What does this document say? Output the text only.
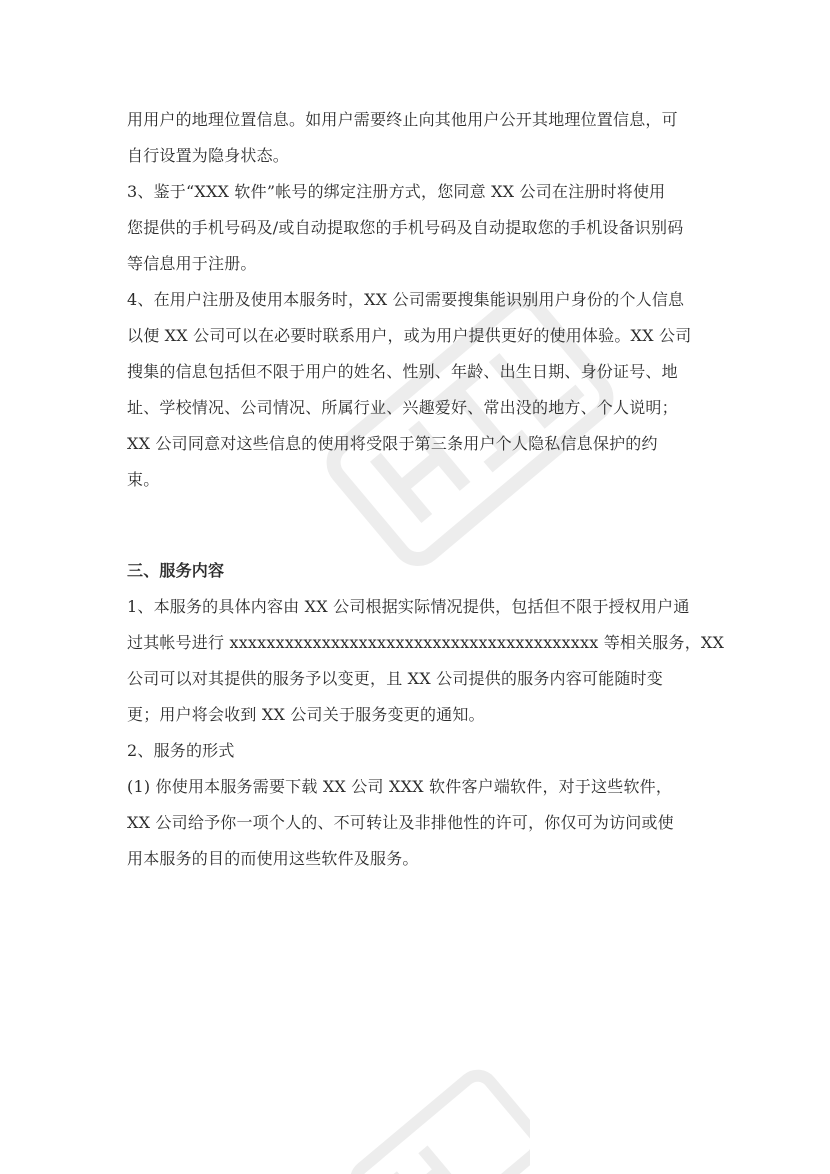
用用户的地理位置信息。如用户需要终止向其他用户公开其地理位置信息，可
自行设置为隐身状态。
3、鉴于“XXX 软件”帐号的绑定注册方式，您同意 XX 公司在注册时将使用
您提供的手机号码及/或自动提取您的手机号码及自动提取您的手机设备识别码
等信息用于注册。
4、在用户注册及使用本服务时，XX 公司需要搜集能识别用户身份的个人信息
以便 XX 公司可以在必要时联系用户，或为用户提供更好的使用体验。XX 公司
搜集的信息包括但不限于用户的姓名、性别、年龄、出生日期、身份证号、地
址、学校情况、公司情况、所属行业、兴趣爱好、常出没的地方、个人说明；
XX 公司同意对这些信息的使用将受限于第三条用户个人隐私信息保护的约
束。
三、服务内容
1、本服务的具体内容由 XX 公司根据实际情况提供，包括但不限于授权用户通
过其帐号进行 xxxxxxxxxxxxxxxxxxxxxxxxxxxxxxxxxxxxxxxx 等相关服务，XX
公司可以对其提供的服务予以变更，且 XX 公司提供的服务内容可能随时变
更；用户将会收到 XX 公司关于服务变更的通知。
2、服务的形式
(1) 你使用本服务需要下载 XX 公司 XXX 软件客户端软件，对于这些软件，
XX 公司给予你一项个人的、不可转让及非排他性的许可，你仅可为访问或使
用本服务的目的而使用这些软件及服务。
